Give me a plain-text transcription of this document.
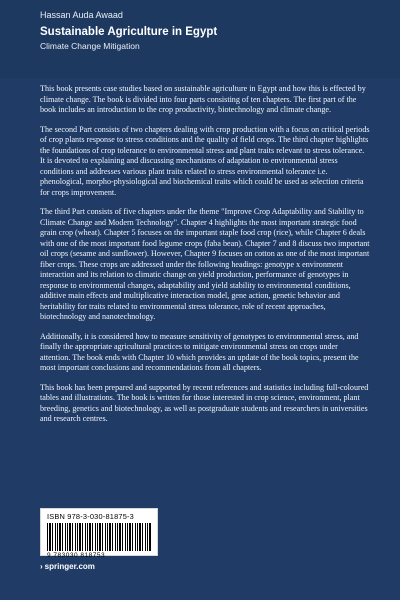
Hassan Auda Awaad

Sustainable Agriculture in Egypt

Climate Change Mitigation

This book presents case studies based on sustainable agriculture in Egypt and how this is effected by climate change. The book is divided into four parts consisting of ten chapters. The first part of the book includes an introduction to the crop productivity, biotechnology and climate change.

The second Part consists of two chapters dealing with crop production with a focus on critical periods of crop plants response to stress conditions and the quality of field crops. The third chapter highlights the foundations of crop tolerance to environmental stress and plant traits relevant to stress tolerance. It is devoted to explaining and discussing mechanisms of adaptation to environmental stress conditions and addresses various plant traits related to stress environmental tolerance i.e. phenological, morpho-physiological and biochemical traits which could be used as selection criteria for crops improvement.

The third Part consists of five chapters under the theme "Improve Crop Adaptability and Stability to Climate Change and Modern Technology". Chapter 4 highlights the most important strategic food grain crop (wheat). Chapter 5 focuses on the important staple food crop (rice), while Chapter 6 deals with one of the most important food legume crops (faba bean). Chapter 7 and 8 discuss two important oil crops (sesame and sunflower). However, Chapter 9 focuses on cotton as one of the most important fiber crops. These crops are addressed under the following headings: genotype x environment interaction and its relation to climatic change on yield production, performance of genotypes in response to environmental changes, adaptability and yield stability to environmental conditions, additive main effects and multiplicative interaction model, gene action, genetic behavior and heritability for traits related to environmental stress tolerance, role of recent approaches, biotechnology and nanotechnology.

Additionally, it is considered how to measure sensitivity of genotypes to environmental stress, and finally the appropriate agricultural practices to mitigate environmental stress on crops under attention. The book ends with Chapter 10 which provides an update of the book topics, present the most important conclusions and recommendations from all chapters.

This book has been prepared and supported by recent references and statistics including full-coloured tables and illustrations. The book is written for those interested in crop science, environment, plant breeding, genetics and biotechnology, as well as postgraduate students and researchers in universities and research centres.

ISBN 978-3-030-81875-3
9 783030 818753
› springer.com
